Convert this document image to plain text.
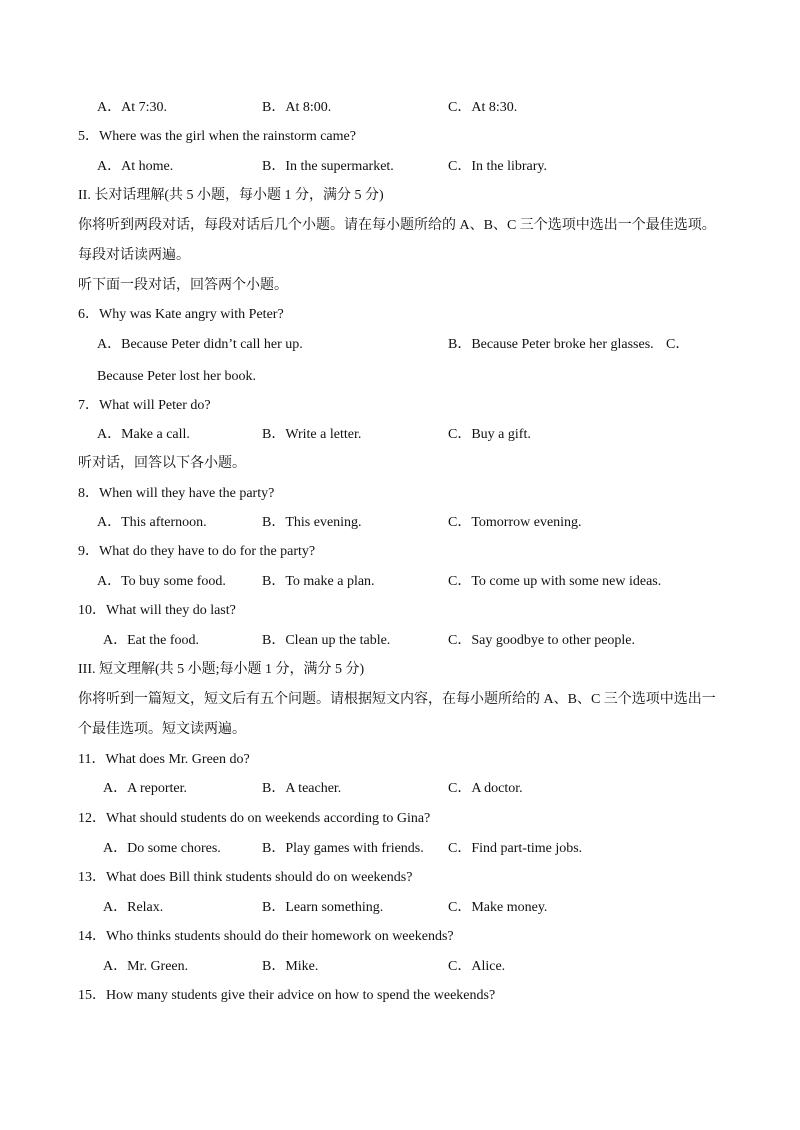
A．At 7:30.	B．At 8:00.	C．At 8:30.
5．Where was the girl when the rainstorm came?
A．At home.	B．In the supermarket.	C．In the library.
II. 长对话理解(共 5 小题，每小题 1 分，满分 5 分)
你将听到两段对话，每段对话后几个小题。请在每小题所给的 A、B、C 三个选项中选出一个最佳选项。
每段对话读两遍。
听下面一段对话，回答两个小题。
6．Why was Kate angry with Peter?
A．Because Peter didn’t call her up.	B．Because Peter broke her glasses. C．
Because Peter lost her book.
7．What will Peter do?
A．Make a call.	B．Write a letter.	C．Buy a gift.
听对话，回答以下各小题。
8．When will they have the party?
A．This afternoon.	B．This evening.	C．Tomorrow evening.
9．What do they have to do for the party?
A．To buy some food.	B．To make a plan.	C．To come up with some new ideas.
10．What will they do last?
A．Eat the food.	B．Clean up the table.	C．Say goodbye to other people.
III. 短文理解(共 5 小题;每小题 1 分，满分 5 分)
你将听到一篇短文，短文后有五个问题。请根据短文内容，在每小题所给的 A、B、C 三个选项中选出一
个最佳选项。短文读两遍。
11．What does Mr. Green do?
A．A reporter.	B．A teacher.	C．A doctor.
12．What should students do on weekends according to Gina?
A．Do some chores.	B．Play games with friends. C．Find part-time jobs.
13．What does Bill think students should do on weekends?
A．Relax.	B．Learn something.	C．Make money.
14．Who thinks students should do their homework on weekends?
A．Mr. Green.	B．Mike.	C．Alice.
15．How many students give their advice on how to spend the weekends?
